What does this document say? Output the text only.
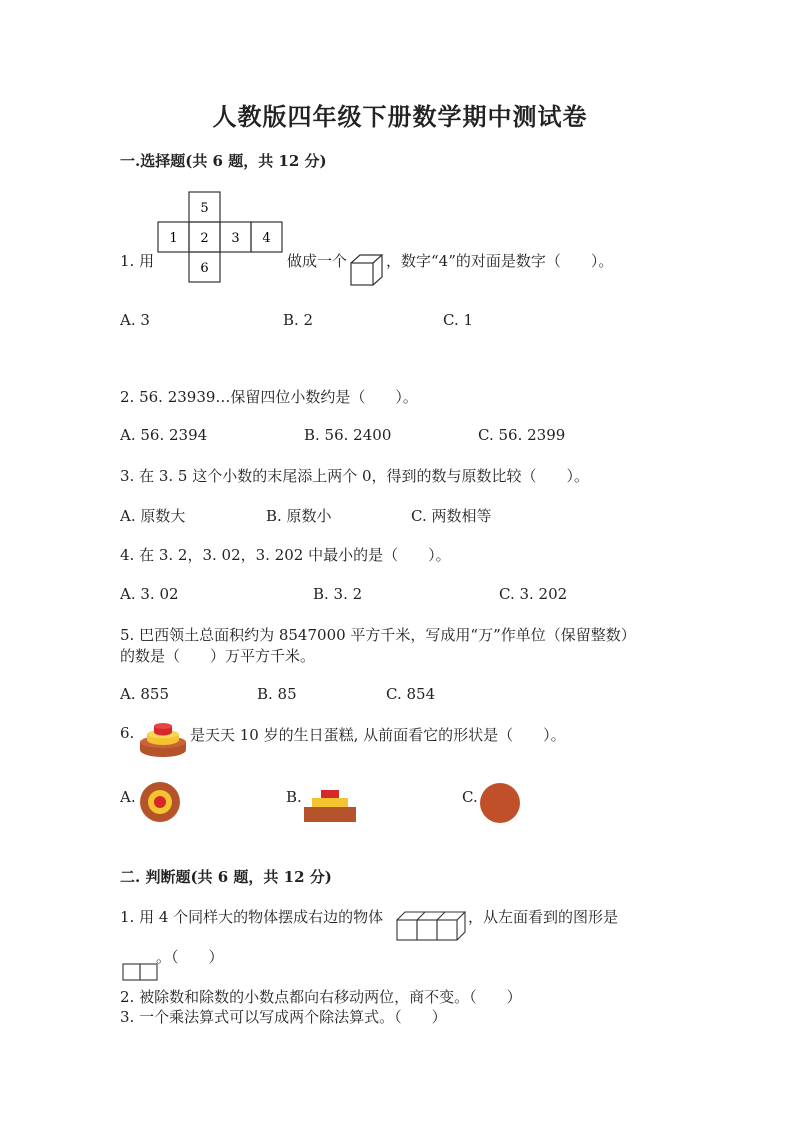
人教版四年级下册数学期中测试卷
一.选择题(共 6 题，共 12 分)
5
1 2 3 4
6
1. 用	做成一个	，数字“4”的对面是数字（　　）。
A. 3	B. 2	C. 1
2. 56. 23939…保留四位小数约是（　　）。
A. 56. 2394	B. 56. 2400	C. 56. 2399
3. 在 3. 5 这个小数的末尾添上两个 0，得到的数与原数比较（　　）。
A. 原数大	B. 原数小	C. 两数相等
4. 在 3. 2，3. 02，3. 202 中最小的是（　　）。
A. 3. 02	B. 3. 2	C. 3. 202
5. 巴西领土总面积约为 8547000 平方千米，写成用“万”作单位（保留整数）
的数是（　　）万平方千米。
A. 855	B. 85	C. 854
6.	是天天 10 岁的生日蛋糕, 从前面看它的形状是（　　）。
A.	B.	C.
二. 判断题(共 6 题，共 12 分)
1. 用 4 个同样大的物体摆成右边的物体	，从左面看到的图形是
。（　　）
2. 被除数和除数的小数点都向右移动两位，商不变。（　　）
3. 一个乘法算式可以写成两个除法算式。（　　）
